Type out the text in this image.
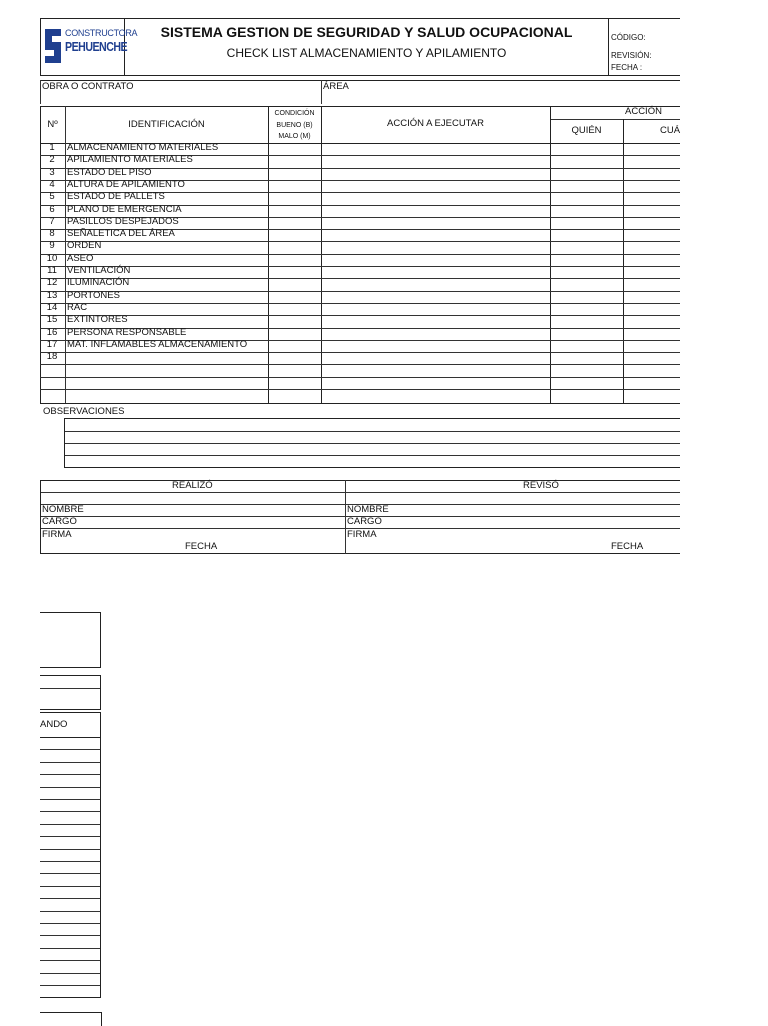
CONSTRUCTORA
PEHUENCHE
SISTEMA GESTION DE SEGURIDAD Y SALUD OCUPACIONAL
CHECK LIST ALMACENAMIENTO Y APILAMIENTO
CÓDIGO:
REVISIÓN:
FECHA :
OBRA O CONTRATO	ÁREA
Nº	IDENTIFICACIÓN
CONDICIÓN
BUENO (B)
MALO (M)
ACCIÓN A EJECUTAR
ACCIÓN
QUIÉN	CUÁ
1	ALMACENAMIENTO MATERIALES
2	APILAMIENTO MATERIALES
3	ESTADO DEL PISO
4	ALTURA DE APILAMIENTO
5	ESTADO DE PALLETS
6	PLANO DE EMERGENCIA
7	PASILLOS DESPEJADOS
8	SEÑALETICA DEL ÁREA
9	ORDEN
10	ASEO
11	VENTILACIÓN
12	ILUMINACIÓN
13	PORTONES
14	RAC
15	EXTINTORES
16	PERSONA RESPONSABLE
17	MAT. INFLAMABLES ALMACENAMIENTO
18
OBSERVACIONES
REALIZÓ	REVISÓ
NOMBRE
CARGO
FIRMA
FECHA
NOMBRE
CARGO
FIRMA
FECHA
ANDO
